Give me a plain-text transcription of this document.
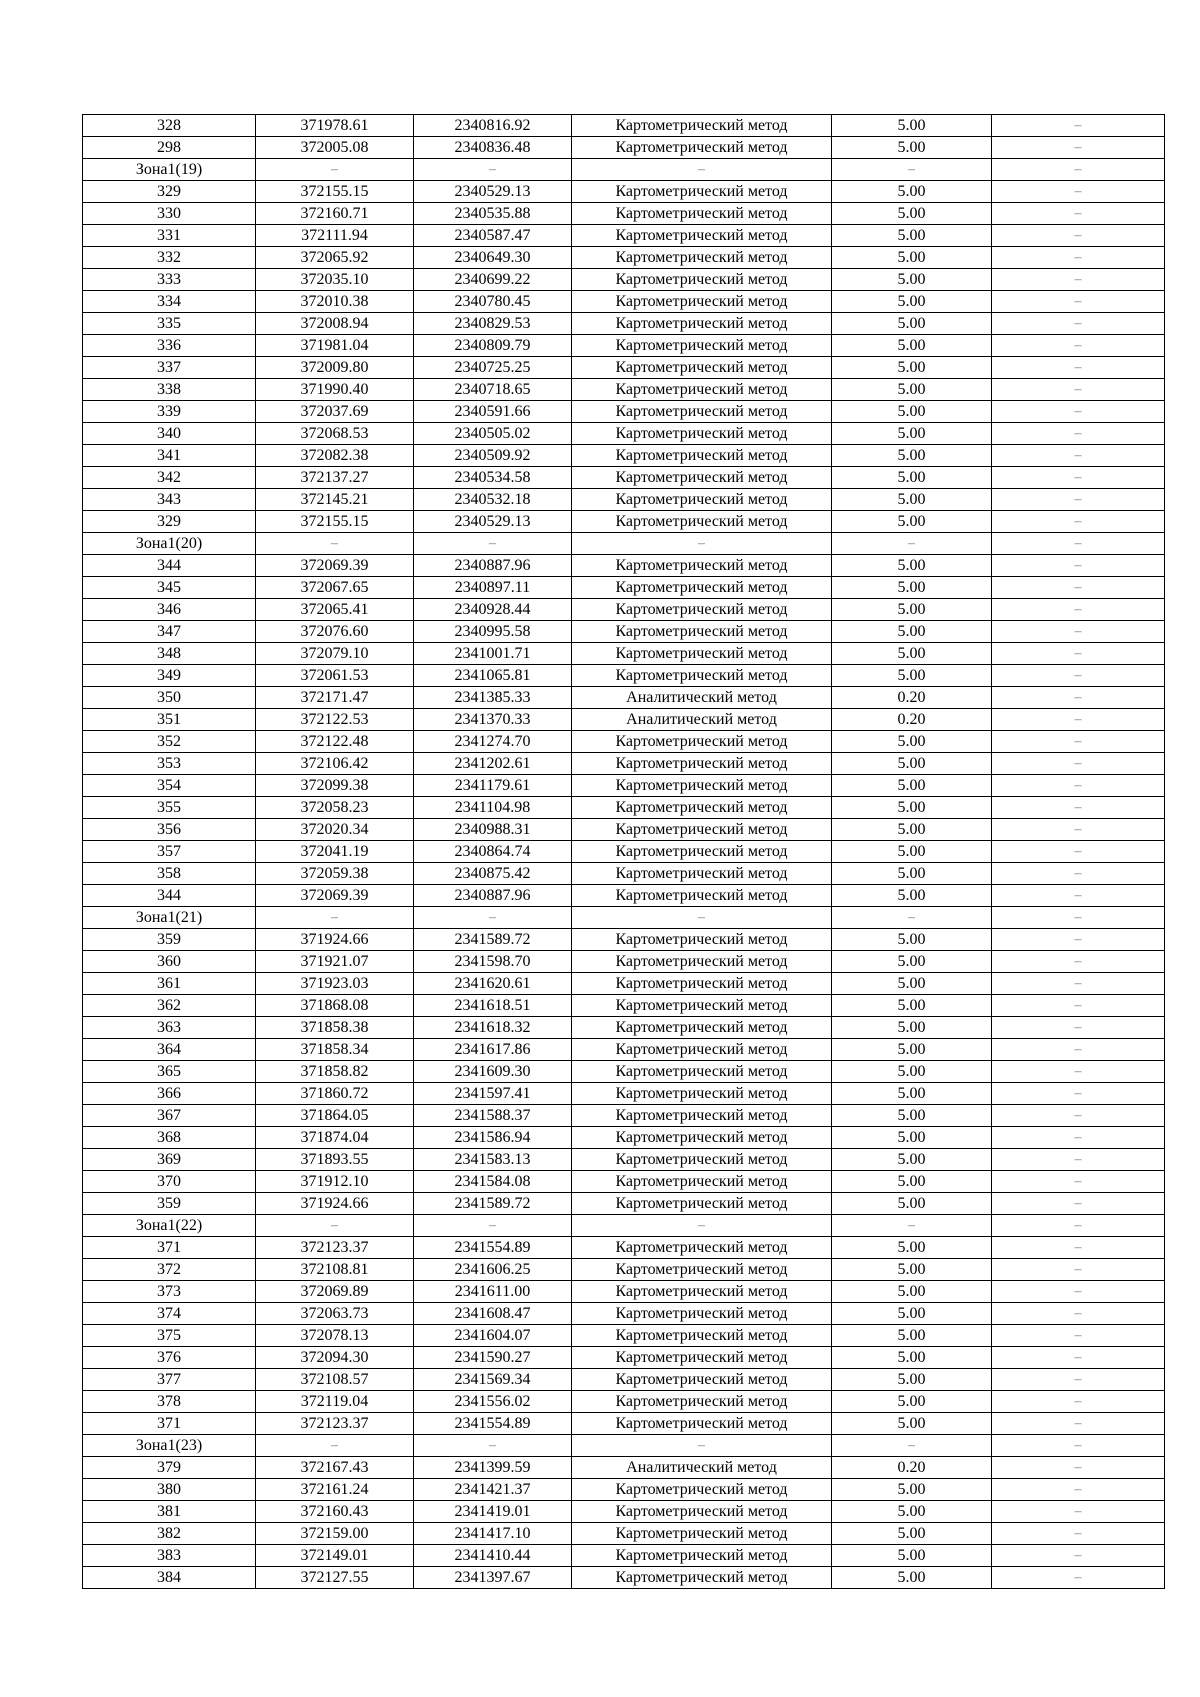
328	371978.61	2340816.92	Картометрический метод	5.00	–
298	372005.08	2340836.48	Картометрический метод	5.00	–
Зона1(19)	–	–	–	–	–
329	372155.15	2340529.13	Картометрический метод	5.00	–
330	372160.71	2340535.88	Картометрический метод	5.00	–
331	372111.94	2340587.47	Картометрический метод	5.00	–
332	372065.92	2340649.30	Картометрический метод	5.00	–
333	372035.10	2340699.22	Картометрический метод	5.00	–
334	372010.38	2340780.45	Картометрический метод	5.00	–
335	372008.94	2340829.53	Картометрический метод	5.00	–
336	371981.04	2340809.79	Картометрический метод	5.00	–
337	372009.80	2340725.25	Картометрический метод	5.00	–
338	371990.40	2340718.65	Картометрический метод	5.00	–
339	372037.69	2340591.66	Картометрический метод	5.00	–
340	372068.53	2340505.02	Картометрический метод	5.00	–
341	372082.38	2340509.92	Картометрический метод	5.00	–
342	372137.27	2340534.58	Картометрический метод	5.00	–
343	372145.21	2340532.18	Картометрический метод	5.00	–
329	372155.15	2340529.13	Картометрический метод	5.00	–
Зона1(20)	–	–	–	–	–
344	372069.39	2340887.96	Картометрический метод	5.00	–
345	372067.65	2340897.11	Картометрический метод	5.00	–
346	372065.41	2340928.44	Картометрический метод	5.00	–
347	372076.60	2340995.58	Картометрический метод	5.00	–
348	372079.10	2341001.71	Картометрический метод	5.00	–
349	372061.53	2341065.81	Картометрический метод	5.00	–
350	372171.47	2341385.33	Аналитический метод	0.20	–
351	372122.53	2341370.33	Аналитический метод	0.20	–
352	372122.48	2341274.70	Картометрический метод	5.00	–
353	372106.42	2341202.61	Картометрический метод	5.00	–
354	372099.38	2341179.61	Картометрический метод	5.00	–
355	372058.23	2341104.98	Картометрический метод	5.00	–
356	372020.34	2340988.31	Картометрический метод	5.00	–
357	372041.19	2340864.74	Картометрический метод	5.00	–
358	372059.38	2340875.42	Картометрический метод	5.00	–
344	372069.39	2340887.96	Картометрический метод	5.00	–
Зона1(21)	–	–	–	–	–
359	371924.66	2341589.72	Картометрический метод	5.00	–
360	371921.07	2341598.70	Картометрический метод	5.00	–
361	371923.03	2341620.61	Картометрический метод	5.00	–
362	371868.08	2341618.51	Картометрический метод	5.00	–
363	371858.38	2341618.32	Картометрический метод	5.00	–
364	371858.34	2341617.86	Картометрический метод	5.00	–
365	371858.82	2341609.30	Картометрический метод	5.00	–
366	371860.72	2341597.41	Картометрический метод	5.00	–
367	371864.05	2341588.37	Картометрический метод	5.00	–
368	371874.04	2341586.94	Картометрический метод	5.00	–
369	371893.55	2341583.13	Картометрический метод	5.00	–
370	371912.10	2341584.08	Картометрический метод	5.00	–
359	371924.66	2341589.72	Картометрический метод	5.00	–
Зона1(22)	–	–	–	–	–
371	372123.37	2341554.89	Картометрический метод	5.00	–
372	372108.81	2341606.25	Картометрический метод	5.00	–
373	372069.89	2341611.00	Картометрический метод	5.00	–
374	372063.73	2341608.47	Картометрический метод	5.00	–
375	372078.13	2341604.07	Картометрический метод	5.00	–
376	372094.30	2341590.27	Картометрический метод	5.00	–
377	372108.57	2341569.34	Картометрический метод	5.00	–
378	372119.04	2341556.02	Картометрический метод	5.00	–
371	372123.37	2341554.89	Картометрический метод	5.00	–
Зона1(23)	–	–	–	–	–
379	372167.43	2341399.59	Аналитический метод	0.20	–
380	372161.24	2341421.37	Картометрический метод	5.00	–
381	372160.43	2341419.01	Картометрический метод	5.00	–
382	372159.00	2341417.10	Картометрический метод	5.00	–
383	372149.01	2341410.44	Картометрический метод	5.00	–
384	372127.55	2341397.67	Картометрический метод	5.00	–
